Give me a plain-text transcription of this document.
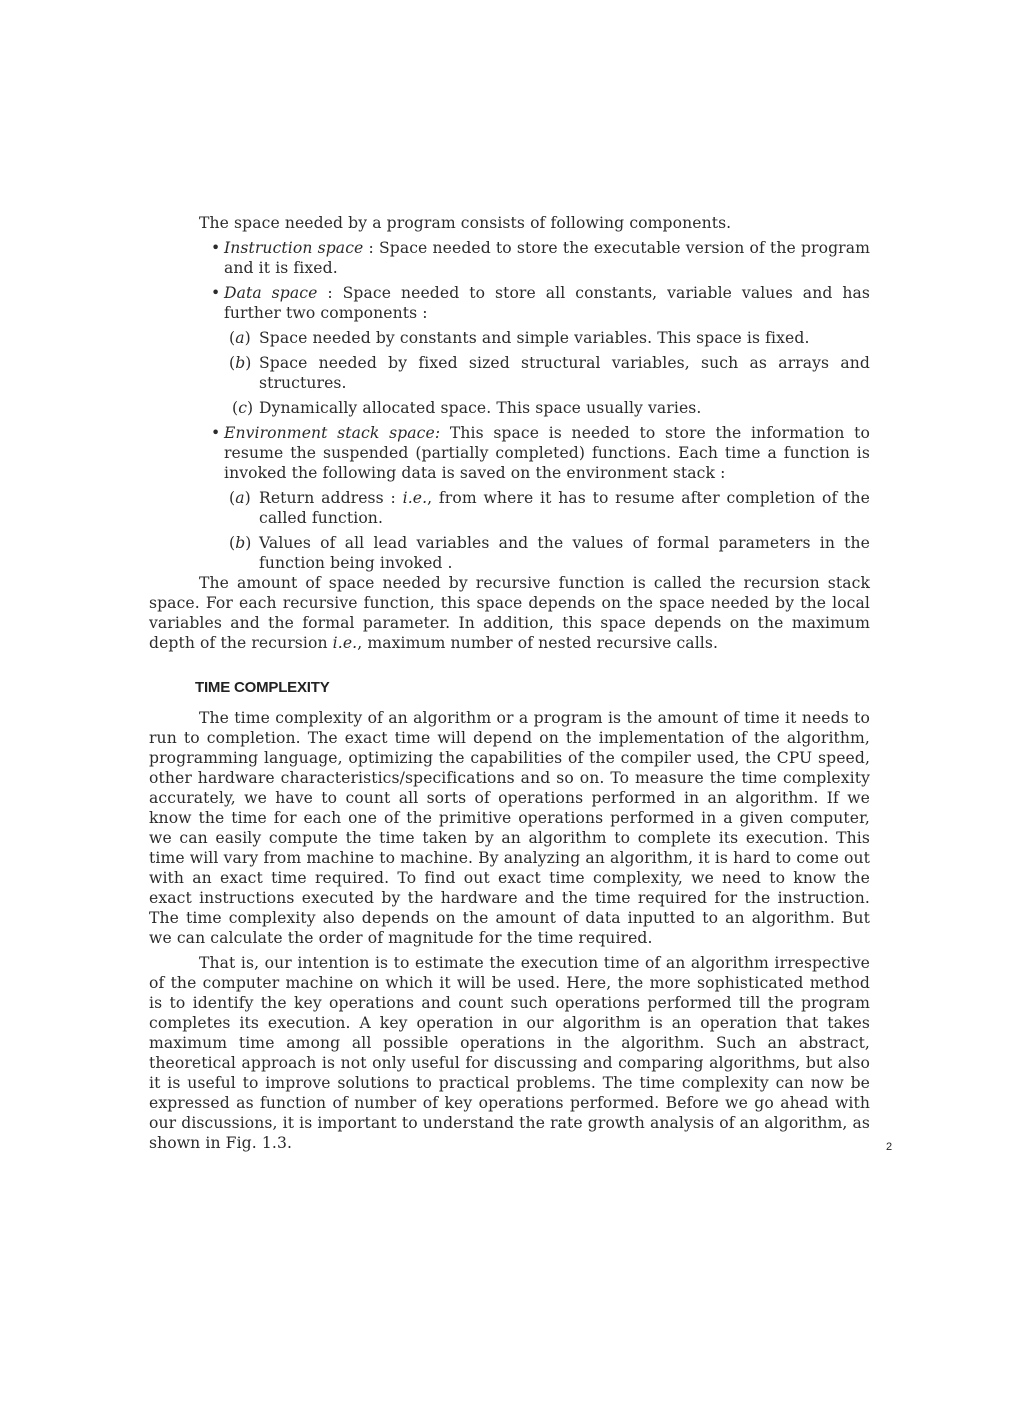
The space needed by a program consists of following components.

• Instruction space : Space needed to store the executable version of the program and it is fixed.
• Data space : Space needed to store all constants, variable values and has further two components :
(a) Space needed by constants and simple variables. This space is fixed.
(b) Space needed by fixed sized structural variables, such as arrays and structures.
(c) Dynamically allocated space. This space usually varies.
• Environment stack space: This space is needed to store the information to resume the suspended (partially completed) functions. Each time a function is invoked the following data is saved on the environment stack :
(a) Return address : i.e., from where it has to resume after completion of the called function.
(b) Values of all lead variables and the values of formal parameters in the function being invoked .

The amount of space needed by recursive function is called the recursion stack space. For each recursive function, this space depends on the space needed by the local variables and the formal parameter. In addition, this space depends on the maximum depth of the recursion i.e., maximum number of nested recursive calls.

TIME COMPLEXITY

The time complexity of an algorithm or a program is the amount of time it needs to run to completion. The exact time will depend on the implementation of the algorithm, programming language, optimizing the capabilities of the compiler used, the CPU speed, other hardware characteristics/specifications and so on. To measure the time complexity accurately, we have to count all sorts of operations performed in an algorithm. If we know the time for each one of the primitive operations performed in a given computer, we can easily compute the time taken by an algorithm to complete its execution. This time will vary from machine to machine. By analyzing an algorithm, it is hard to come out with an exact time required. To find out exact time complexity, we need to know the exact instructions executed by the hardware and the time required for the instruction. The time complexity also depends on the amount of data inputted to an algorithm. But we can calculate the order of magnitude for the time required.

That is, our intention is to estimate the execution time of an algorithm irrespective of the computer machine on which it will be used. Here, the more sophisticated method is to identify the key operations and count such operations performed till the program completes its execution. A key operation in our algorithm is an operation that takes maximum time among all possible operations in the algorithm. Such an abstract, theoretical approach is not only useful for discussing and comparing algorithms, but also it is useful to improve solutions to practical problems. The time complexity can now be expressed as function of number of key operations performed. Before we go ahead with our discussions, it is important to understand the rate growth analysis of an algorithm, as shown in Fig. 1.3.	2
